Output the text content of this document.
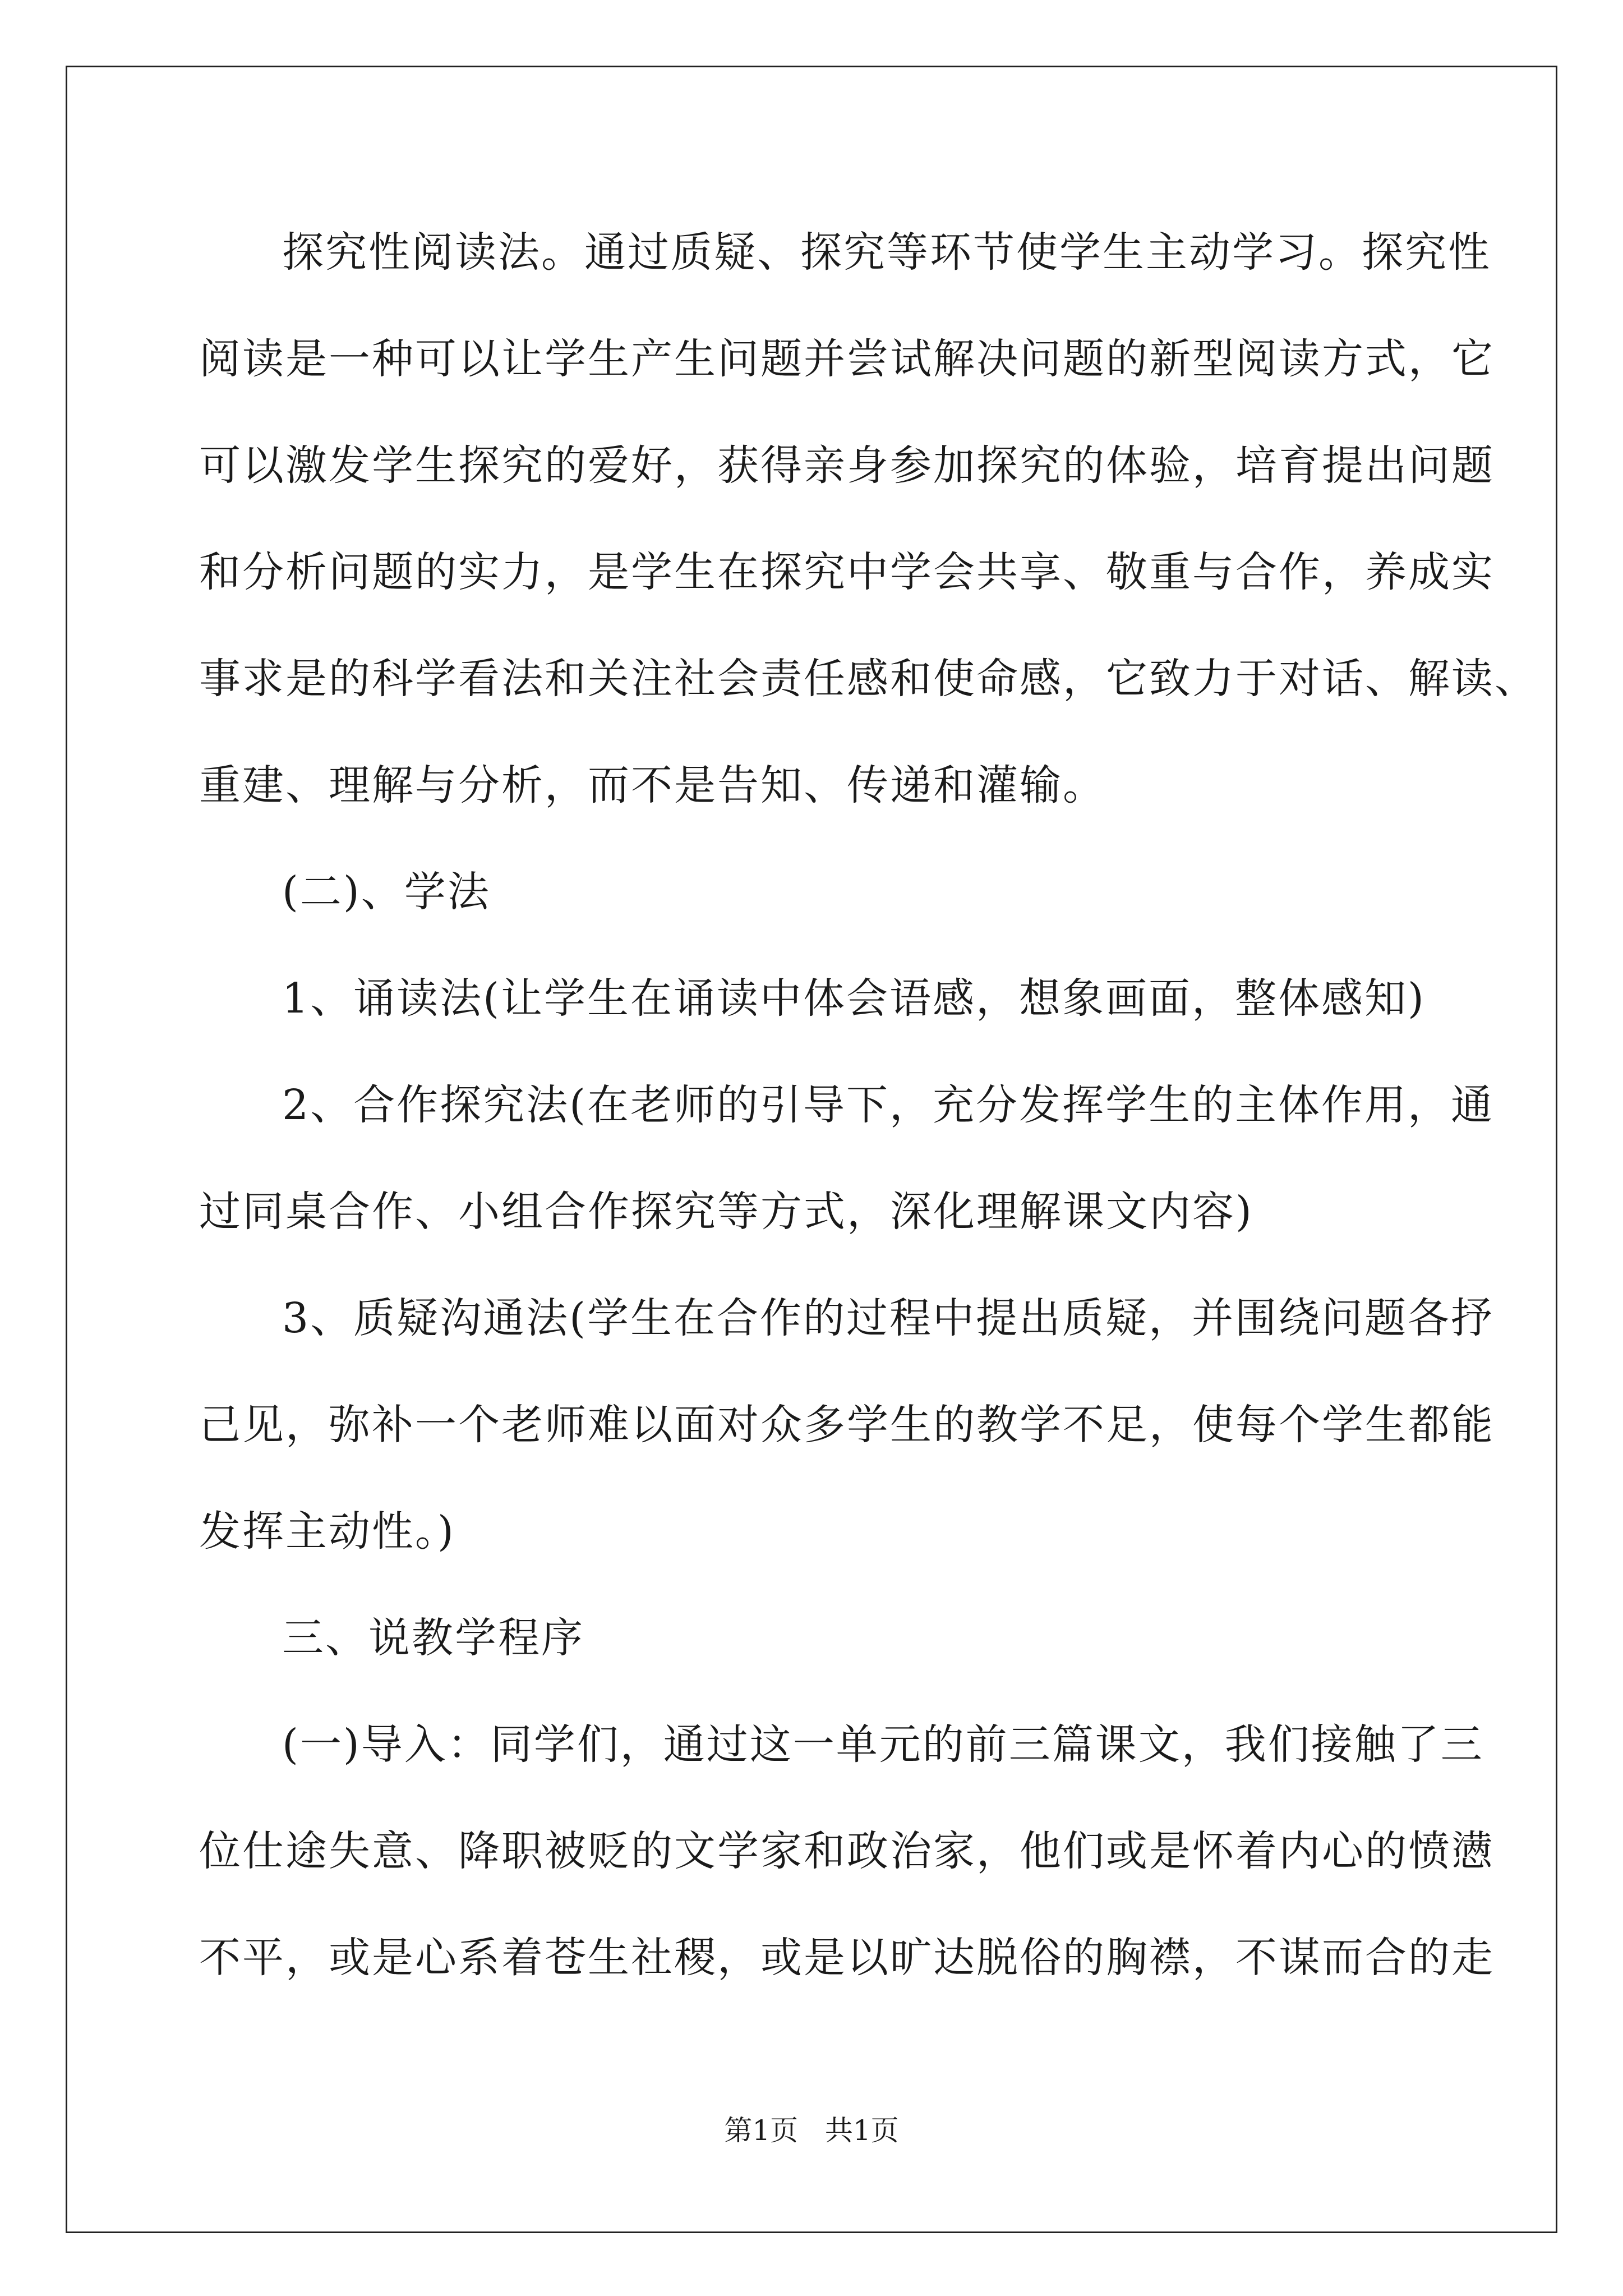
探究性阅读法。通过质疑、探究等环节使学生主动学习。探究性
阅读是一种可以让学生产生问题并尝试解决问题的新型阅读方式，它
可以激发学生探究的爱好，获得亲身参加探究的体验，培育提出问题
和分析问题的实力，是学生在探究中学会共享、敬重与合作，养成实
事求是的科学看法和关注社会责任感和使命感，它致力于对话、解读、
重建、理解与分析，而不是告知、传递和灌输。
(二)、学法
1、诵读法(让学生在诵读中体会语感，想象画面，整体感知)
2、合作探究法(在老师的引导下，充分发挥学生的主体作用，通
过同桌合作、小组合作探究等方式，深化理解课文内容)
3、质疑沟通法(学生在合作的过程中提出质疑，并围绕问题各抒
己见，弥补一个老师难以面对众多学生的教学不足，使每个学生都能
发挥主动性。)
三、说教学程序
(一)导入：同学们，通过这一单元的前三篇课文，我们接触了三
位仕途失意、降职被贬的文学家和政治家，他们或是怀着内心的愤懑
不平，或是心系着苍生社稷，或是以旷达脱俗的胸襟，不谋而合的走
第1页   共1页
